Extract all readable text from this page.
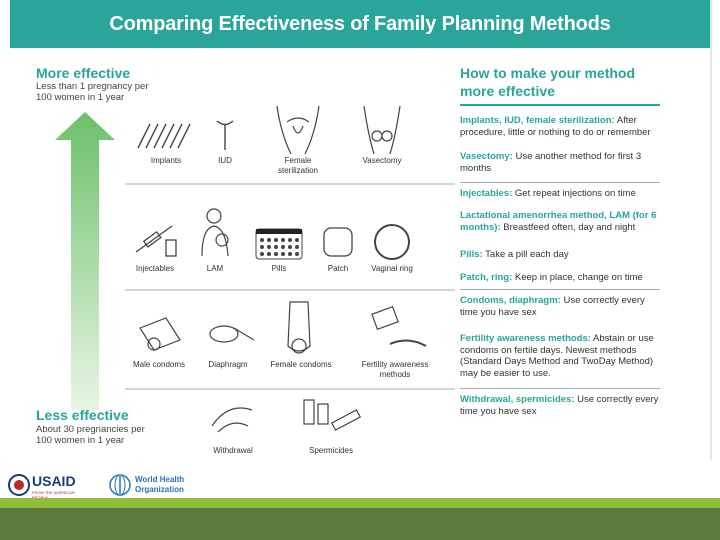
Comparing Effectiveness of Family Planning Methods
More effective
Less than 1 pregnancy per
100 women in 1 year
Less effective
About 30 pregnancies per
100 women in 1 year
Implants	IUD	Female
sterilization
Vasectomy
Injectables	LAM	Pills	Patch	Vaginal ring
Male condoms	Diaphragm	Female condoms	Fertility awareness
methods
Withdrawal	Spermicides
How to make your method
more effective
Implants, IUD, female sterilization: After procedure, little or nothing to do or remember
Vasectomy: Use another method for first 3 months
Injectables: Get repeat injections on time
Lactational amenorrhea method, LAM (for 6 months): Breastfeed often, day and night
Pills: Take a pill each day
Patch, ring: Keep in place, change on time
Condoms, diaphragm: Use correctly every time you have sex
Fertility awareness methods: Abstain or use condoms on fertile days. Newest methods (Standard Days Method and TwoDay Method) may be easier to use.
Withdrawal, spermicides: Use correctly every time you have sex
USAID
FROM THE AMERICAN
World Health
Organization
